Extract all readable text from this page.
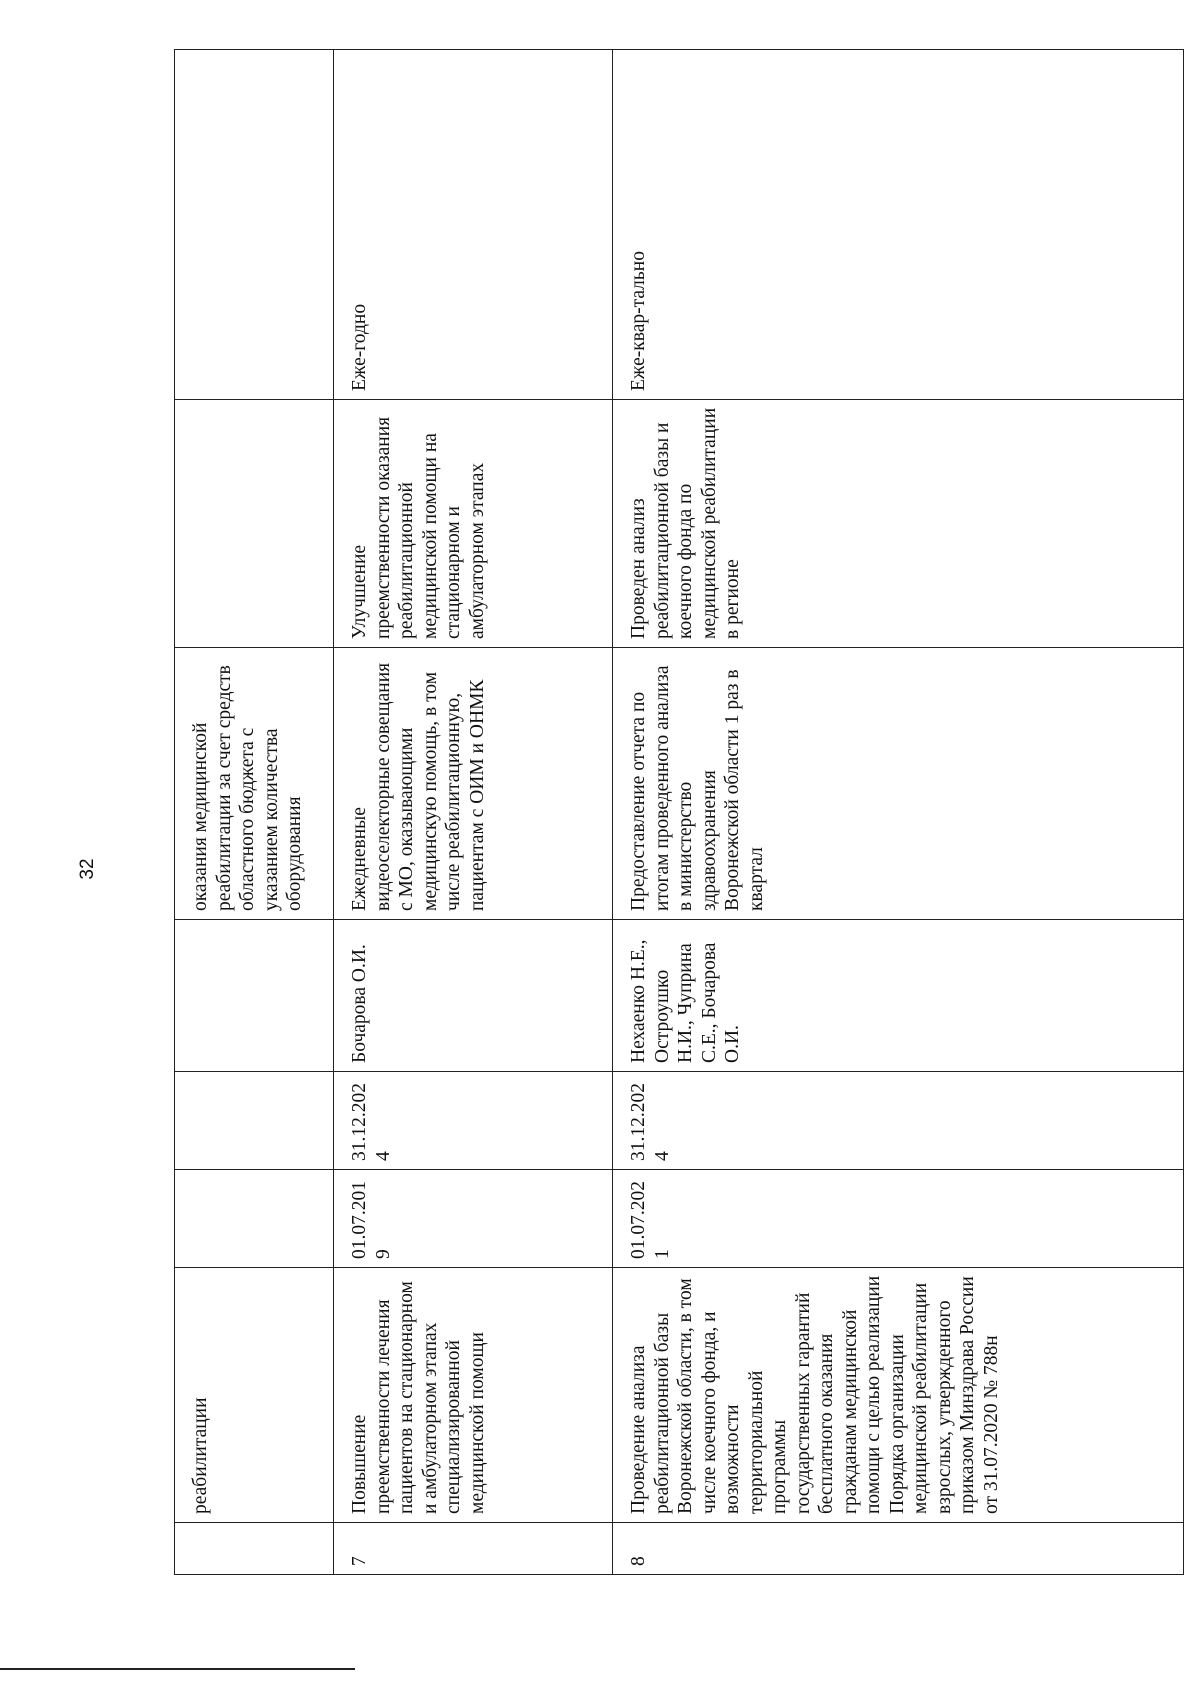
32
	реабилитации				оказания медицинской реабилитации за счет средств областного бюджета с указанием количества оборудования		
7	Повышение преемственности лечения пациентов на стационарном и амбулаторном этапах специализированной медицинской помощи	01.07.2019	31.12.2024	Бочарова О.И.	Ежедневные видеоселекторные совещания с МО, оказывающими медицинскую помощь, в том числе реабилитационную, пациентам с ОИМ и ОНМК	Улучшение преемственности оказания реабилитационной медицинской помощи на стационарном и амбулаторном этапах	Еже-годно
8	Проведение анализа реабилитационной базы Воронежской области, в том числе коечного фонда, и возможности территориальной программы государственных гарантий бесплатного оказания гражданам медицинской помощи с целью реализации Порядка организации медицинской реабилитации взрослых, утвержденного приказом Минздрава России от 31.07.2020 № 788н	01.07.2021	31.12.2024	Нехаенко Н.Е., Остроушко Н.И., Чуприна С.Е., Бочарова О.И.	Предоставление отчета по итогам проведенного анализа в министерство здравоохранения Воронежской области 1 раз в квартал	Проведен анализ реабилитационной базы и коечного фонда по медицинской реабилитации в регионе	Еже-квар-тально
